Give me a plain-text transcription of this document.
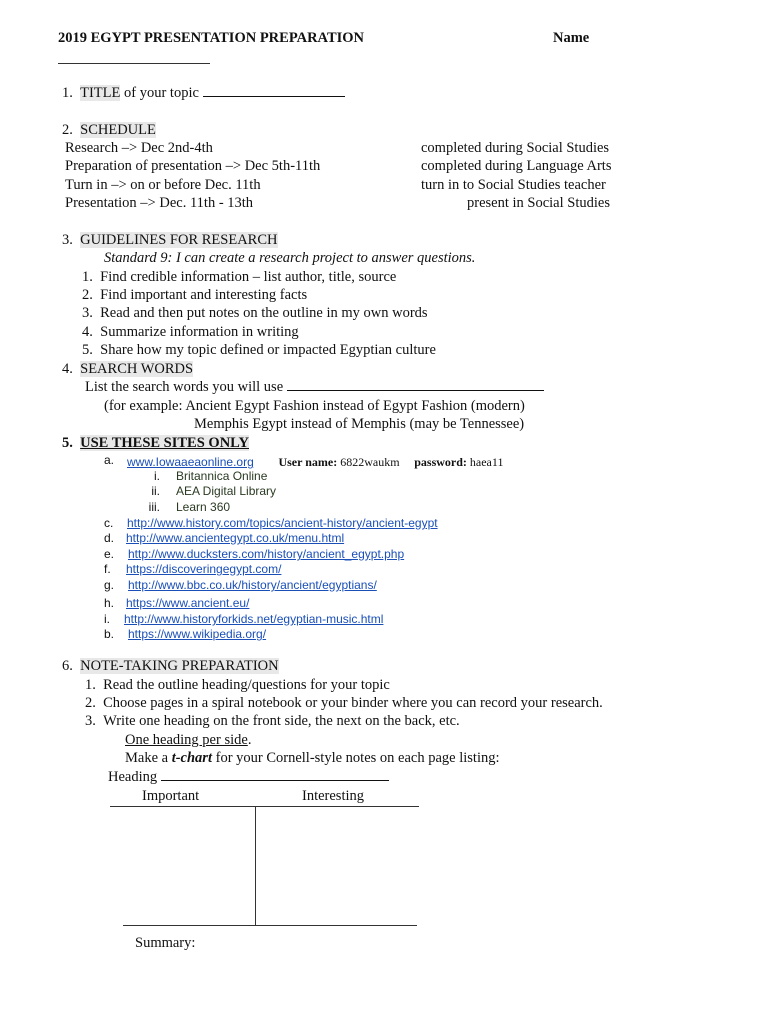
2019 EGYPT PRESENTATION PREPARATION	Name
1. TITLE of your topic
2. SCHEDULE
Research –> Dec 2nd-4th
Preparation of presentation –> Dec 5th-11th
Turn in –> on or before Dec. 11th
Presentation –> Dec. 11th - 13th
completed during Social Studies
completed during Language Arts
turn in to Social Studies teacher
present in Social Studies
3. GUIDELINES FOR RESEARCH
Standard 9: I can create a research project to answer questions.
1. Find credible information – list author, title, source
2. Find important and interesting facts
3. Read and then put notes on the outline in my own words
4. Summarize information in writing
5. Share how my topic defined or impacted Egyptian culture
4. SEARCH WORDS
List the search words you will use
(for example: Ancient Egypt Fashion instead of Egypt Fashion (modern)
Memphis Egypt instead of Memphis (may be Tennessee)
5. USE THESE SITES ONLY
a. www.Iowaaeaonline.org User name: 6822waukm password: haea11
i. Britannica Online
ii. AEA Digital Library
iii. Learn 360
c. http://www.history.com/topics/ancient-history/ancient-egypt
d. http://www.ancientegypt.co.uk/menu.html
e. http://www.ducksters.com/history/ancient_egypt.php
f. https://discoveringegypt.com/
g. http://www.bbc.co.uk/history/ancient/egyptians/
h. https://www.ancient.eu/
i. http://www.historyforkids.net/egyptian-music.html
b. https://www.wikipedia.org/
6. NOTE-TAKING PREPARATION
1. Read the outline heading/questions for your topic
2. Choose pages in a spiral notebook or your binder where you can record your research.
3. Write one heading on the front side, the next on the back, etc.
One heading per side.
Make a t-chart for your Cornell-style notes on each page listing:
Heading
Important	Interesting
Summary:
